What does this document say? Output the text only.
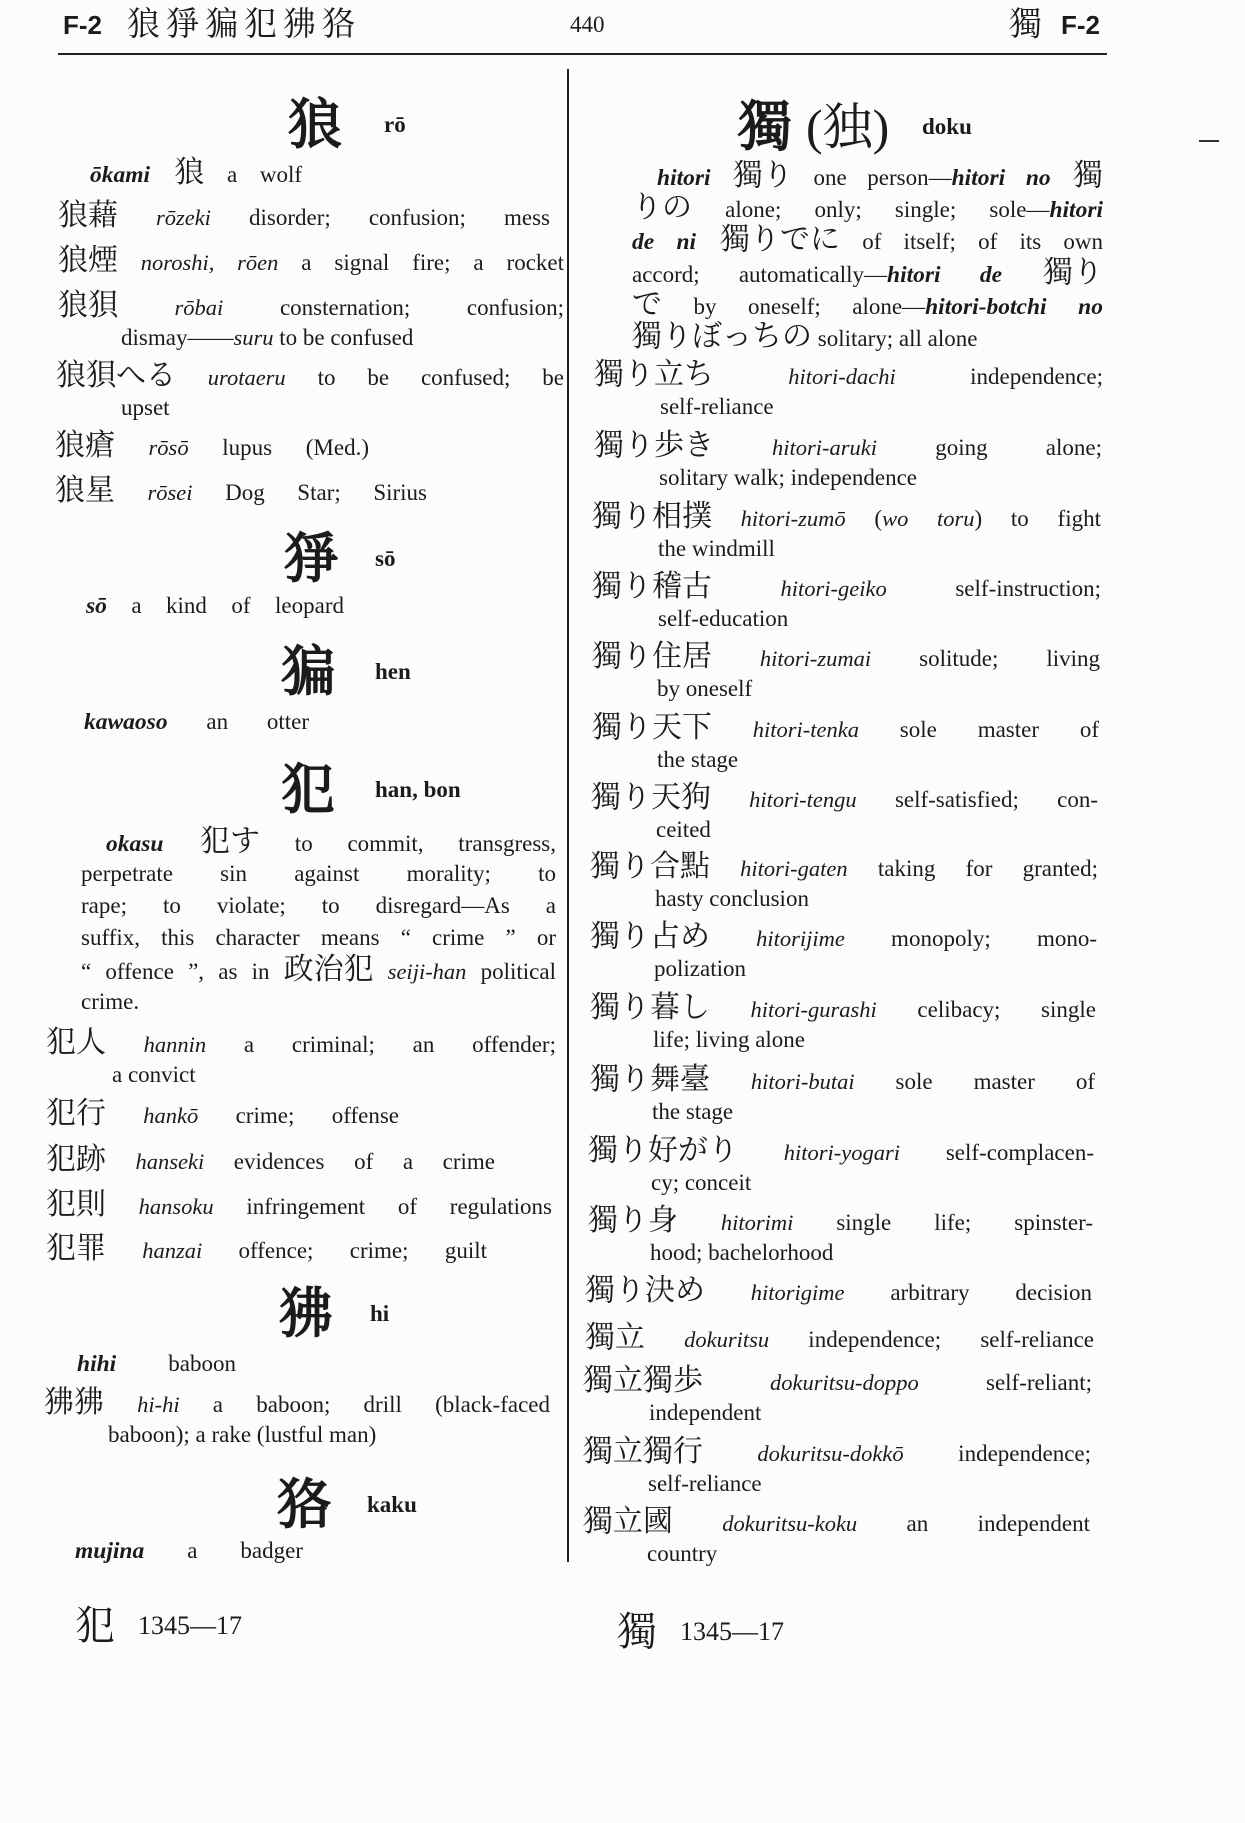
F-2 狼猙猵犯狒狢	440	獨 F-2
狼 rō
ōkami 狼 a wolf
狼藉 rōzeki disorder; confusion; mess
狼煙 noroshi, rōen a signal fire; a rocket
狼狽 rōbai consternation; confusion;
dismay——suru to be confused
狼狽へる urotaeru to be confused; be
upset
狼瘡 rōsō lupus (Med.)
狼星 rōsei Dog Star; Sirius
猙 sō
sō a kind of leopard
猵 hen
kawaoso an otter
犯 han, bon
okasu 犯す to commit, transgress,
perpetrate sin against morality; to
rape; to violate; to disregard—As a
suffix, this character means “ crime ” or
“ offence ”, as in 政治犯 seiji-han political
crime.
犯人 hannin a criminal; an offender;
a convict
犯行 hankō crime; offense
犯跡 hanseki evidences of a crime
犯則 hansoku infringement of regulations
犯罪 hanzai offence; crime; guilt
狒 hi
hihi baboon
狒狒 hi-hi a baboon; drill (black-faced
baboon); a rake (lustful man)
狢 kaku
mujina a badger
獨 (独) doku
hitori 獨り one person—hitori no 獨
りの alone; only; single; sole—hitori
de ni 獨りでに of itself; of its own
accord; automatically—hitori de 獨り
で by oneself; alone—hitori-botchi no
獨りぼっちの solitary; all alone
獨り立ち hitori-dachi independence;
self-reliance
獨り歩き hitori-aruki going alone;
solitary walk; independence
獨り相撲 hitori-zumō (wo toru) to fight
the windmill
獨り稽古 hitori-geiko self-instruction;
self-education
獨り住居 hitori-zumai solitude; living
by oneself
獨り天下 hitori-tenka sole master of
the stage
獨り天狗 hitori-tengu self-satisfied; con-
ceited
獨り合點 hitori-gaten taking for granted;
hasty conclusion
獨り占め hitorijime monopoly; mono-
polization
獨り暮し hitori-gurashi celibacy; single
life; living alone
獨り舞臺 hitori-butai sole master of
the stage
獨り好がり hitori-yogari self-complacen-
cy; conceit
獨り身 hitorimi single life; spinster-
hood; bachelorhood
獨り決め hitorigime arbitrary decision
獨立 dokuritsu independence; self-reliance
獨立獨歩 dokuritsu-doppo self-reliant;
independent
獨立獨行 dokuritsu-dokkō independence;
self-reliance
獨立國 dokuritsu-koku an independent
country
犯 1345—17	獨 1345—17
